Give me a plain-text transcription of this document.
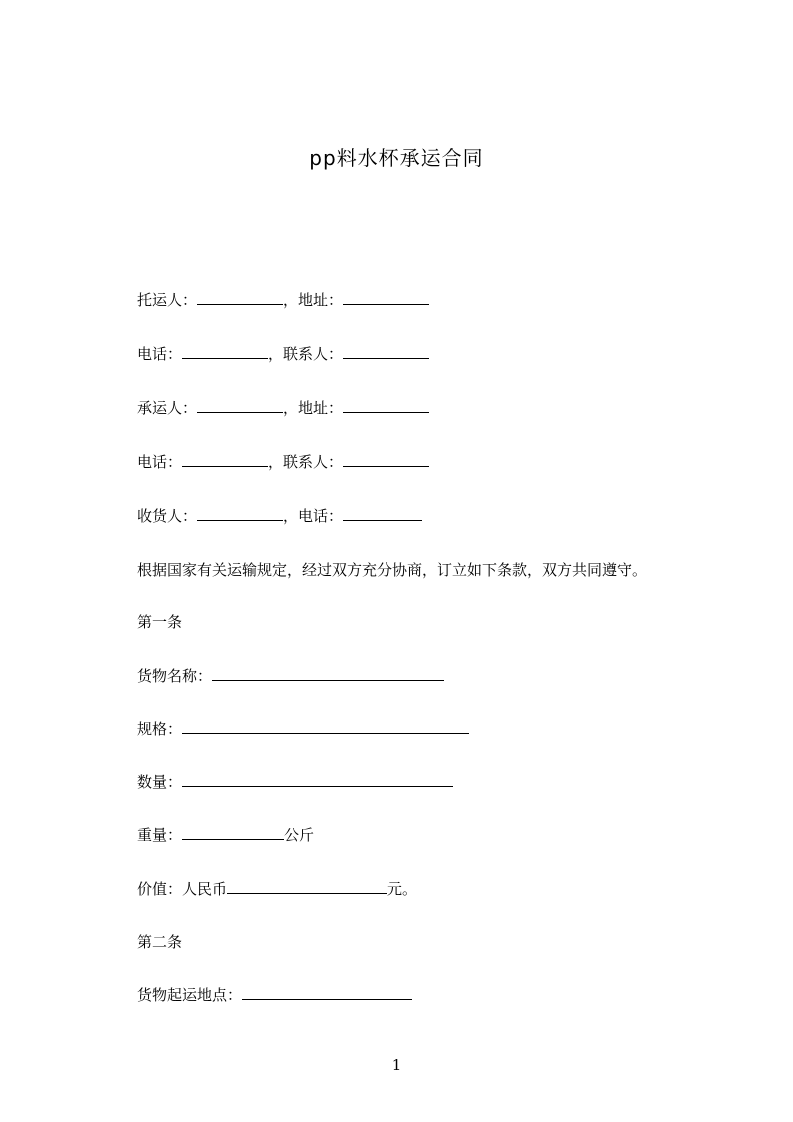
pp料水杯承运合同
托运人：	，地址：
电话：	，联系人：
承运人：	，地址：
电话：	，联系人：
收货人：	，电话：
根据国家有关运输规定，经过双方充分协商，订立如下条款，双方共同遵守。
第一条
货物名称：
规格：
数量：
重量：	公斤
价值：人民币	元。
第二条
货物起运地点：
1
